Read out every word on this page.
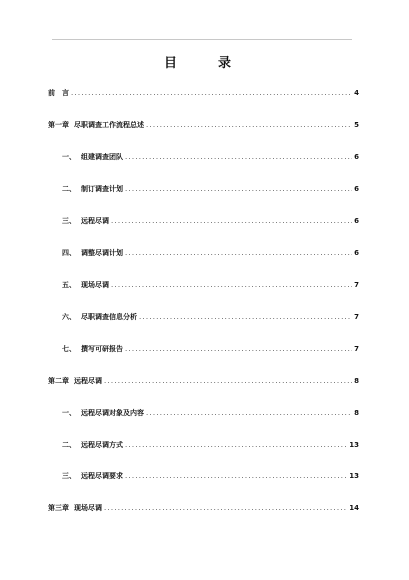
目　录
前　言 .....	4
第一章 尽职调查工作流程总述 .....	5
一、 组建调查团队 .....	6
二、 制订调查计划 .....	6
三、 远程尽调 .....	6
四、 调整尽调计划 .....	6
五、 现场尽调 .....	7
六、 尽职调查信息分析 .....	7
七、 撰写可研报告 .....	7
第二章 远程尽调 .....	8
一、 远程尽调对象及内容 .....	8
二、 远程尽调方式 .....	13
三、 远程尽调要求 .....	13
第三章 现场尽调 .....	14
